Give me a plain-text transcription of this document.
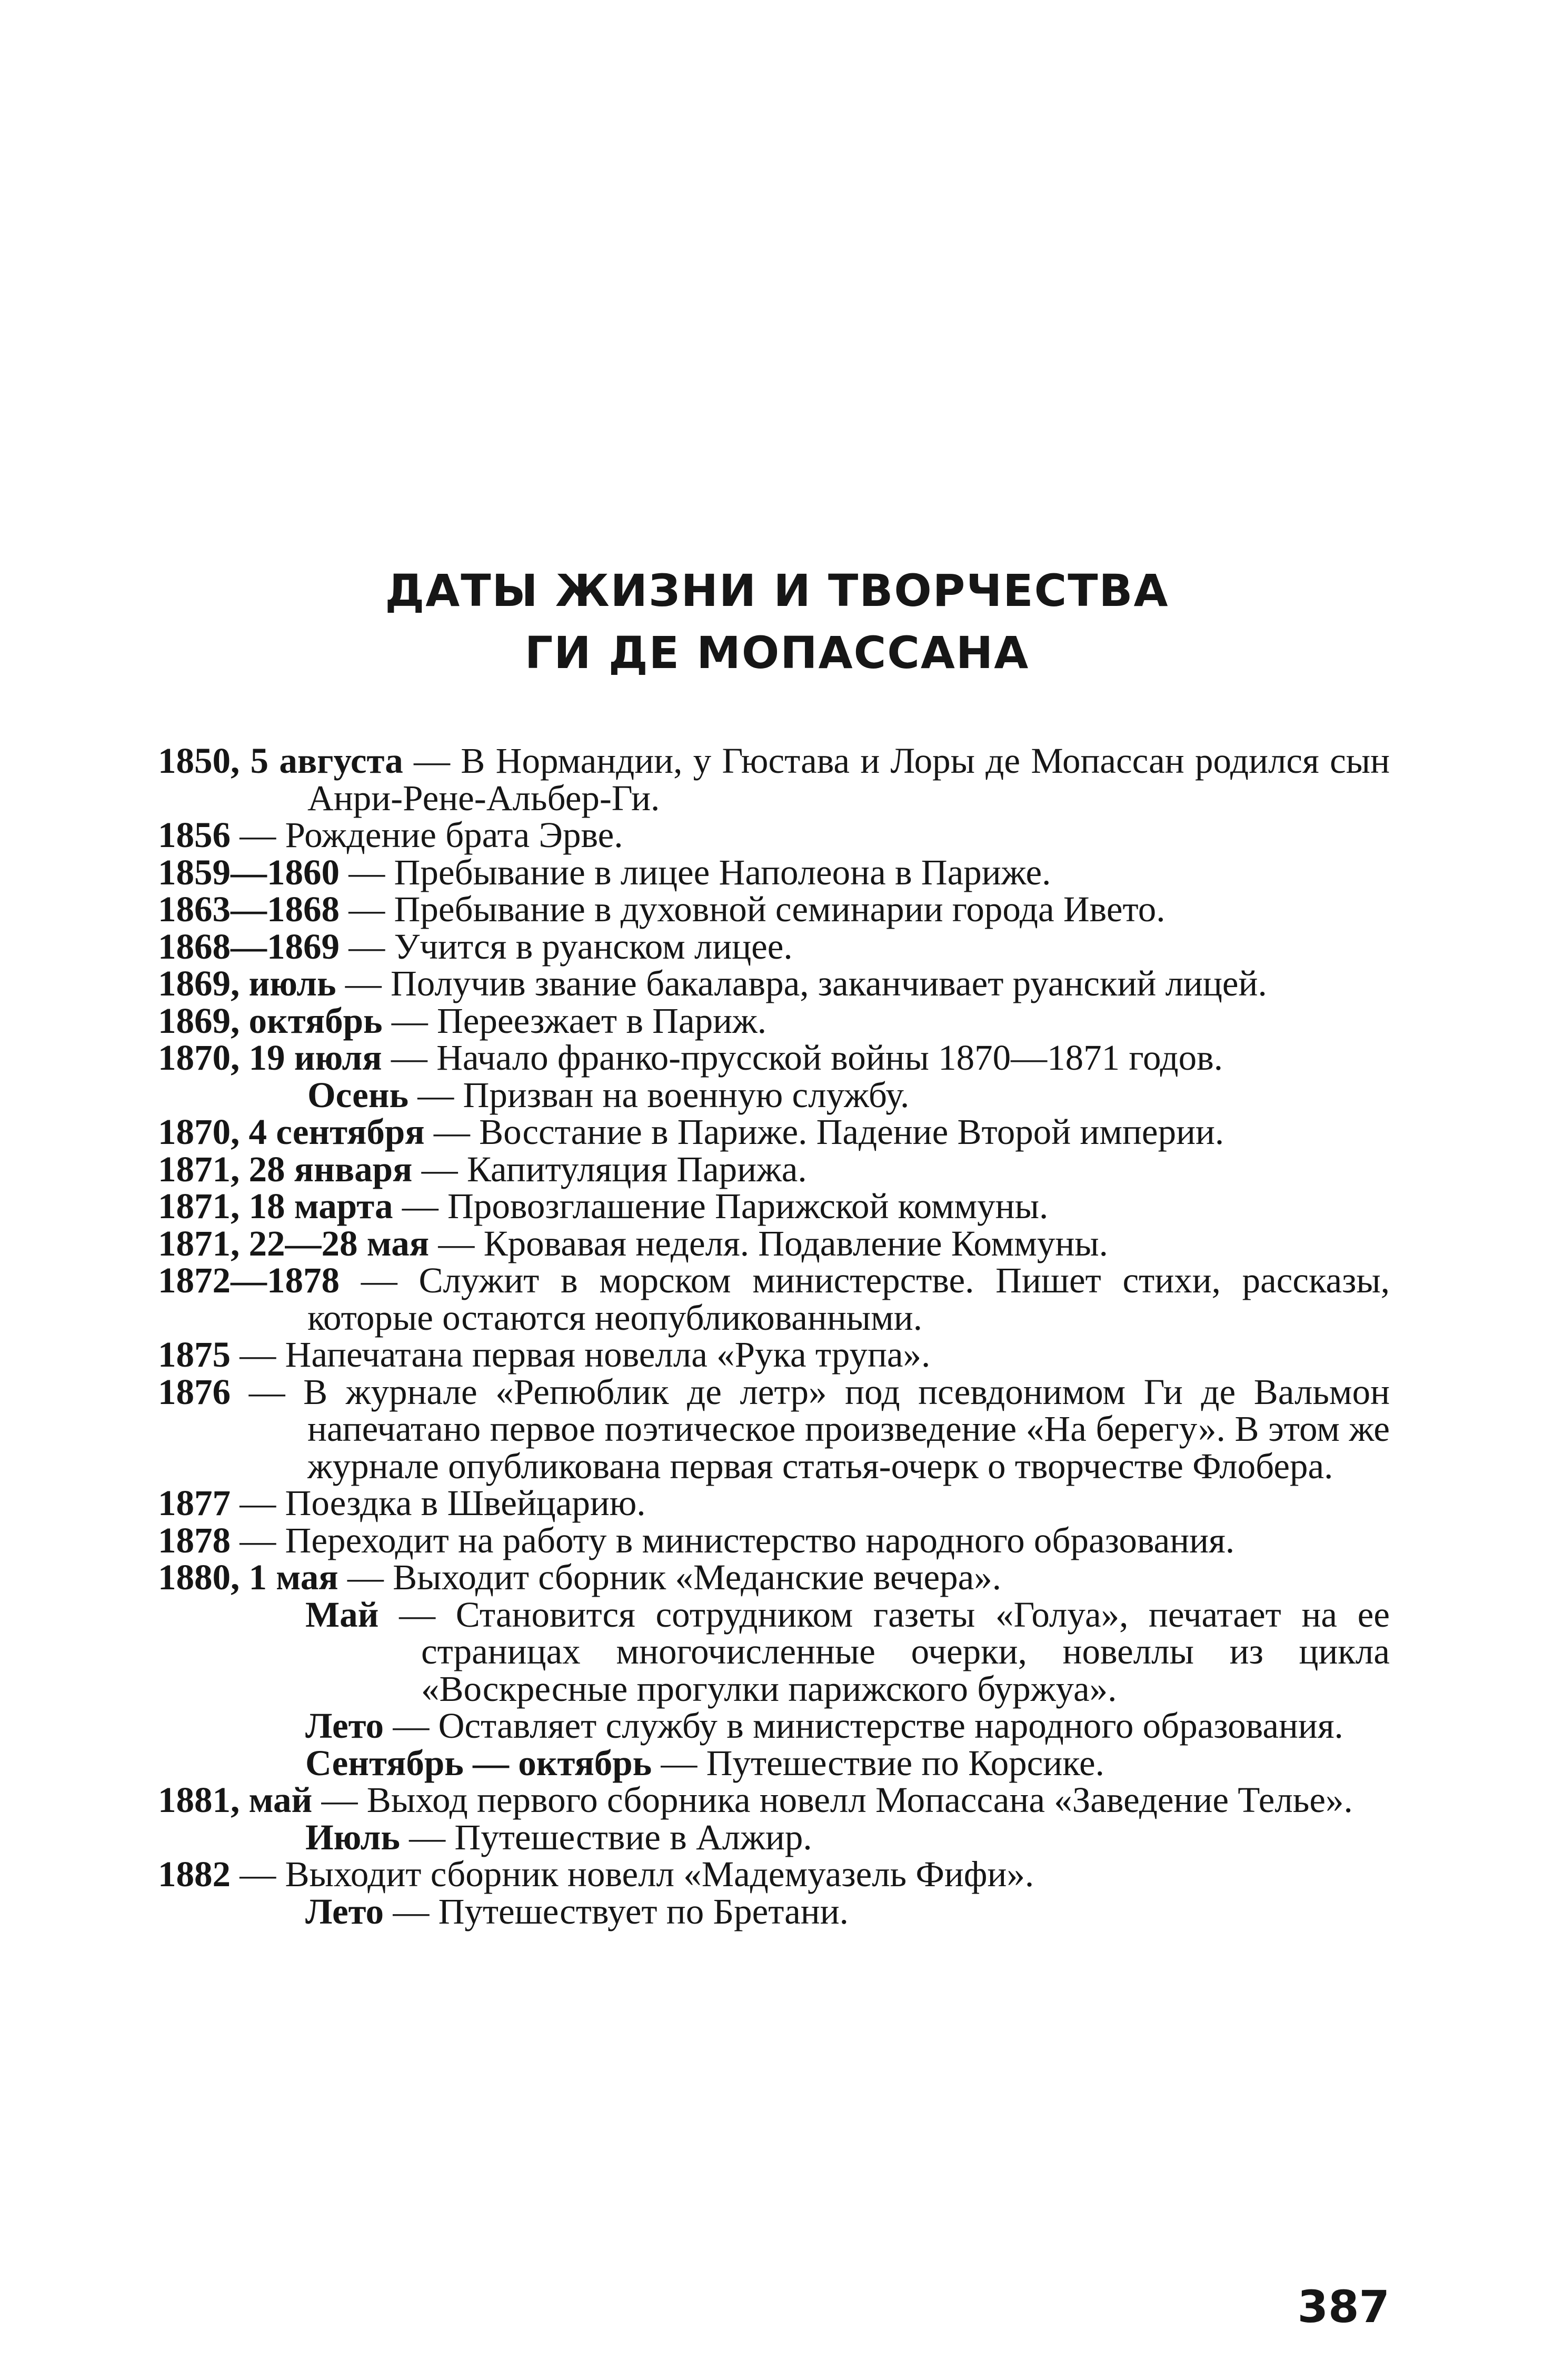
ДАТЫ ЖИЗНИ И ТВОРЧЕСТВА
ГИ ДЕ МОПАССАНА
1850, 5 августа — В Нормандии, у Гюстава и Лоры де Мопассан родился сын Анри-Рене-Альбер-Ги.
1856 — Рождение брата Эрве.
1859—1860 — Пребывание в лицее Наполеона в Париже.
1863—1868 — Пребывание в духовной семинарии города Ивето.
1868—1869 — Учится в руанском лицее.
1869, июль — Получив звание бакалавра, заканчивает руанский лицей.
1869, октябрь — Переезжает в Париж.
1870, 19 июля — Начало франко-прусской войны 1870—1871 годов.
Осень — Призван на военную службу.
1870, 4 сентября — Восстание в Париже. Падение Второй империи.
1871, 28 января — Капитуляция Парижа.
1871, 18 марта — Провозглашение Парижской коммуны.
1871, 22—28 мая — Кровавая неделя. Подавление Коммуны.
1872—1878 — Служит в морском министерстве. Пишет стихи, рассказы, которые остаются неопубликованными.
1875 — Напечатана первая новелла «Рука трупа».
1876 — В журнале «Репюблик де летр» под псевдонимом Ги де Вальмон напечатано первое поэтическое произведение «На берегу». В этом же журнале опубликована первая статья-очерк о творчестве Флобера.
1877 — Поездка в Швейцарию.
1878 — Переходит на работу в министерство народного образования.
1880, 1 мая — Выходит сборник «Меданские вечера».
Май — Становится сотрудником газеты «Голуа», печатает на ее страницах многочисленные очерки, новеллы из цикла «Воскресные прогулки парижского буржуа».
Лето — Оставляет службу в министерстве народного образования.
Сентябрь — октябрь — Путешествие по Корсике.
1881, май — Выход первого сборника новелл Мопассана «Заведение Телье».
Июль — Путешествие в Алжир.
1882 — Выходит сборник новелл «Мадемуазель Фифи».
Лето — Путешествует по Бретани.
387
